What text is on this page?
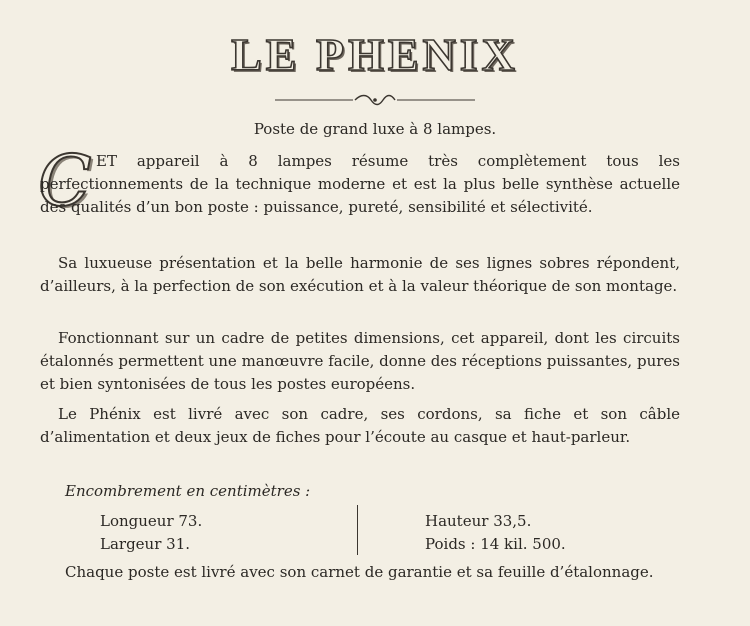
LE PHENIX
Poste de grand luxe à 8 lampes.
C ET appareil à 8 lampes résume très complètement tous les perfectionnements de la technique moderne et est la plus belle synthèse actuelle des qualités d’un bon poste : puissance, pureté, sensibilité et sélectivité.
Sa luxueuse présentation et la belle harmonie de ses lignes sobres répondent, d’ailleurs, à la perfection de son exécution et à la valeur théorique de son montage.
Fonctionnant sur un cadre de petites dimensions, cet appareil, dont les circuits étalonnés permettent une manœuvre facile, donne des réceptions puissantes, pures et bien syntonisées de tous les postes européens.
Le Phénix est livré avec son cadre, ses cordons, sa fiche et son câble d’alimentation et deux jeux de fiches pour l’écoute au casque et haut-parleur.
Encombrement en centimètres :
Longueur 73.
Largeur 31.
Hauteur 33,5.
Poids : 14 kil. 500.
Chaque poste est livré avec son carnet de garantie et sa feuille d’étalonnage.
